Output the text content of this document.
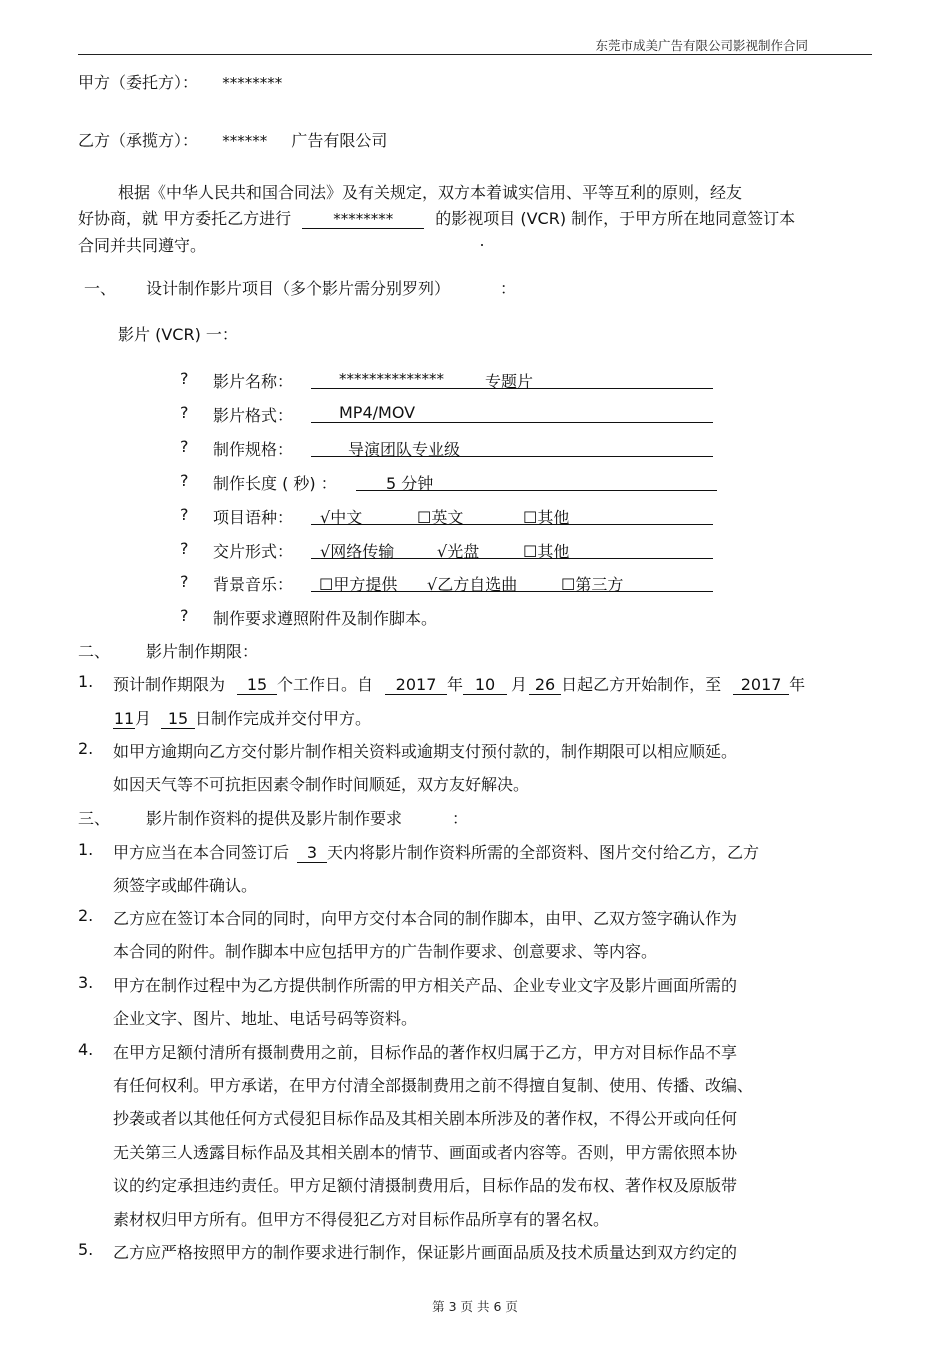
东莞市成美广告有限公司影视制作合同
甲方（委托方）： ********
乙方（承揽方）： ****** 广告有限公司
根据《中华人民共和国合同法》及有关规定，双方本着诚实信用、平等互利的原则，经友
好协商，就 甲方委托乙方进行	********	的影视项目 (VCR) 制作，于甲方所在地同意签订本
合同并共同遵守。
一、 设计制作影片项目（多个影片需分别罗列）	：
影片 (VCR) 一：
? 影片名称：	**************	专题片
? 影片格式：	MP4/MOV
? 制作规格：	导演团队专业级
? 制作长度 ( 秒) ：	5 分钟
? 项目语种： √中文	☐英文	☐其他
? 交片形式： √网络传输	√光盘	☐其他
? 背景音乐： ☐甲方提供 √乙方自选曲	☐第三方
? 制作要求遵照附件及制作脚本。
二、 影片制作期限：
1. 预计制作期限为 15 个工作日。自 2017 年 10 月 26 日起乙方开始制作，至 2017 年
11月 15 日制作完成并交付甲方。
2. 如甲方逾期向乙方交付影片制作相关资料或逾期支付预付款的，制作期限可以相应顺延。
如因天气等不可抗拒因素令制作时间顺延，双方友好解决。
三、 影片制作资料的提供及影片制作要求	：
1. 甲方应当在本合同签订后 3 天内将影片制作资料所需的全部资料、图片交付给乙方，乙方
须签字或邮件确认。
2. 乙方应在签订本合同的同时，向甲方交付本合同的制作脚本，由甲、乙双方签字确认作为
本合同的附件。制作脚本中应包括甲方的广告制作要求、创意要求、等内容。
3. 甲方在制作过程中为乙方提供制作所需的甲方相关产品、企业专业文字及影片画面所需的
企业文字、图片、地址、电话号码等资料。
4. 在甲方足额付清所有摄制费用之前，目标作品的著作权归属于乙方，甲方对目标作品不享
有任何权利。甲方承诺，在甲方付清全部摄制费用之前不得擅自复制、使用、传播、改编、
抄袭或者以其他任何方式侵犯目标作品及其相关剧本所涉及的著作权，不得公开或向任何
无关第三人透露目标作品及其相关剧本的情节、画面或者内容等。否则，甲方需依照本协
议的约定承担违约责任。甲方足额付清摄制费用后，目标作品的发布权、著作权及原版带
素材权归甲方所有。但甲方不得侵犯乙方对目标作品所享有的署名权。
5. 乙方应严格按照甲方的制作要求进行制作，保证影片画面品质及技术质量达到双方约定的
第 3 页 共 6 页
